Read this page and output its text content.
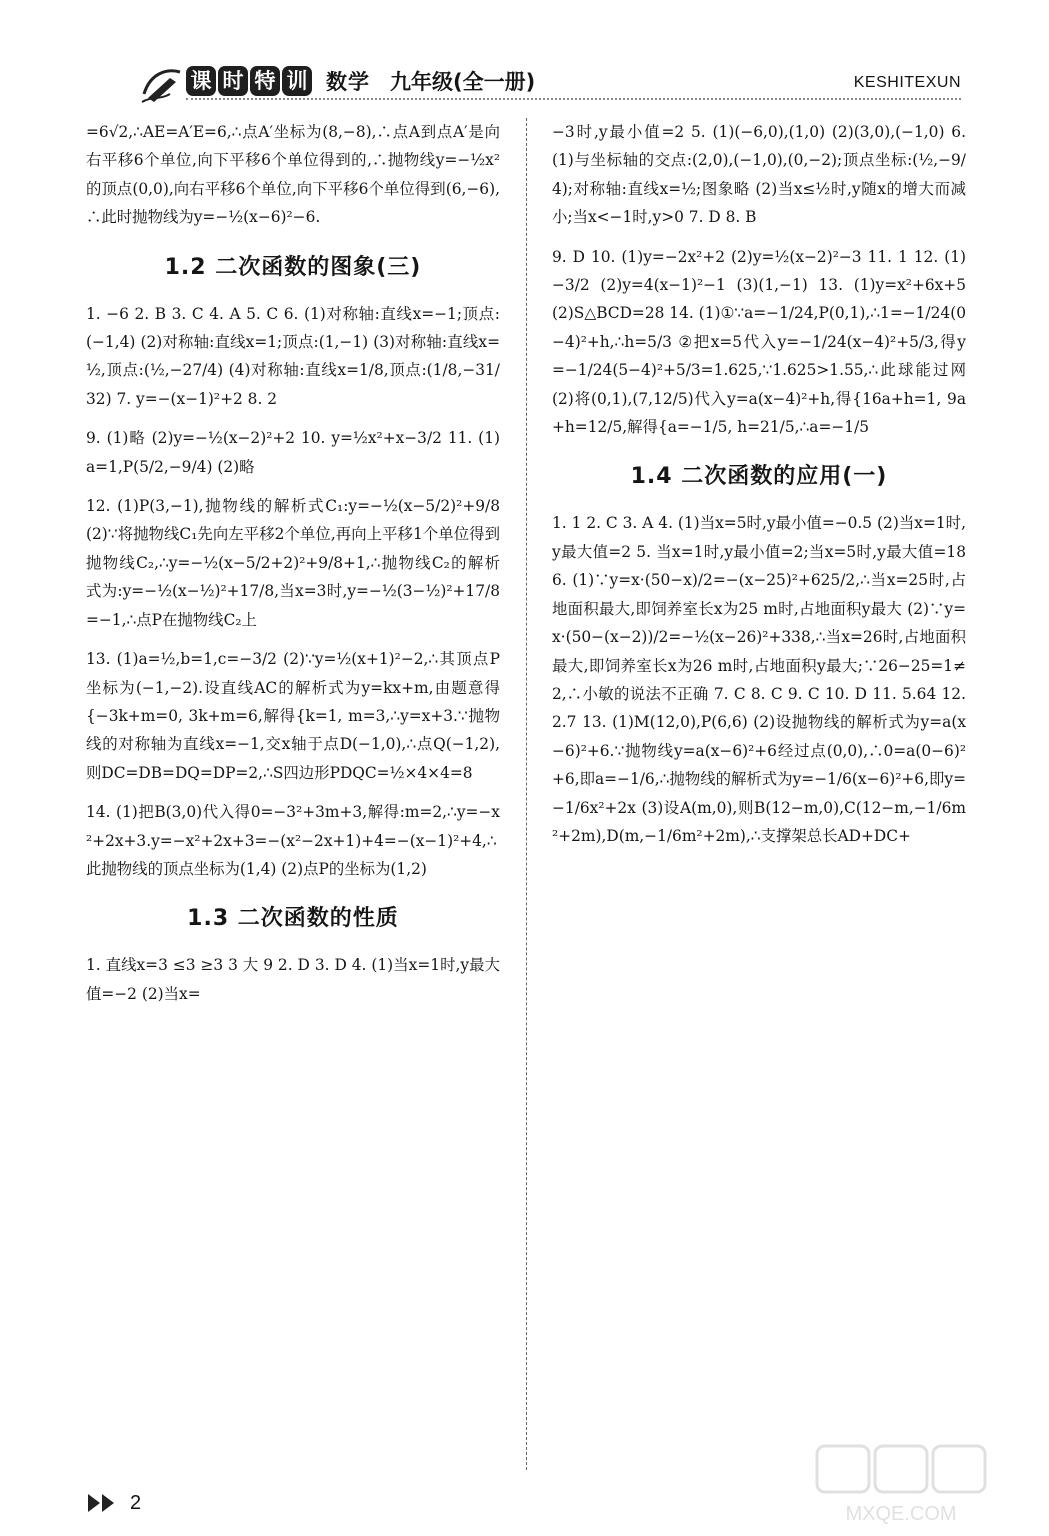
课 时 特 训 数学 九年级(全一册)	KESHITEXUN

=6√2,∴AE=A′E=6,∴点A′坐标为(8,−8),∴点A到点A′是向右平移6个单位,向下平移6个单位得到的,∴抛物线y=−½x²的顶点(0,0),向右平移6个单位,向下平移6个单位得到(6,−6),∴此时抛物线为y=−½(x−6)²−6.

1.2 二次函数的图象(三)

1. −6 2. B 3. C 4. A 5. C 6. (1)对称轴:直线x=−1;顶点:(−1,4) (2)对称轴:直线x=1;顶点:(1,−1) (3)对称轴:直线x=½,顶点:(½,−27/4) (4)对称轴:直线x=1/8,顶点:(1/8,−31/32) 7. y=−(x−1)²+2 8. 2

9. (1)略 (2)y=−½(x−2)²+2 10. y=½x²+x−3/2 11. (1)a=1,P(5/2,−9/4) (2)略

12. (1)P(3,−1),抛物线的解析式C₁:y=−½(x−5/2)²+9/8 (2)∵将抛物线C₁先向左平移2个单位,再向上平移1个单位得到抛物线C₂,∴y=−½(x−5/2+2)²+9/8+1,∴抛物线C₂的解析式为:y=−½(x−½)²+17/8,当x=3时,y=−½(3−½)²+17/8=−1,∴点P在抛物线C₂上

13. (1)a=½,b=1,c=−3/2 (2)∵y=½(x+1)²−2,∴其顶点P坐标为(−1,−2).设直线AC的解析式为y=kx+m,由题意得{−3k+m=0, 3k+m=6,解得{k=1, m=3,∴y=x+3.∵抛物线的对称轴为直线x=−1,交x轴于点D(−1,0),∴点Q(−1,2),则DC=DB=DQ=DP=2,∴S四边形PDQC=½×4×4=8

14. (1)把B(3,0)代入得0=−3²+3m+3,解得:m=2,∴y=−x²+2x+3.y=−x²+2x+3=−(x²−2x+1)+4=−(x−1)²+4,∴此抛物线的顶点坐标为(1,4) (2)点P的坐标为(1,2)

1.3 二次函数的性质

1. 直线x=3 ≤3 ≥3 3 大 9 2. D 3. D 4. (1)当x=1时,y最大值=−2 (2)当x=

−3时,y最小值=2 5. (1)(−6,0),(1,0) (2)(3,0),(−1,0) 6. (1)与坐标轴的交点:(2,0),(−1,0),(0,−2);顶点坐标:(½,−9/4);对称轴:直线x=½;图象略 (2)当x≤½时,y随x的增大而减小;当x<−1时,y>0 7. D 8. B

9. D 10. (1)y=−2x²+2 (2)y=½(x−2)²−3 11. 1 12. (1)−3/2 (2)y=4(x−1)²−1 (3)(1,−1) 13. (1)y=x²+6x+5 (2)S△BCD=28 14. (1)①∵a=−1/24,P(0,1),∴1=−1/24(0−4)²+h,∴h=5/3 ②把x=5代入y=−1/24(x−4)²+5/3,得y=−1/24(5−4)²+5/3=1.625,∵1.625>1.55,∴此球能过网 (2)将(0,1),(7,12/5)代入y=a(x−4)²+h,得{16a+h=1, 9a+h=12/5,解得{a=−1/5, h=21/5,∴a=−1/5

1.4 二次函数的应用(一)

1. 1 2. C 3. A 4. (1)当x=5时,y最小值=−0.5 (2)当x=1时,y最大值=2 5. 当x=1时,y最小值=2;当x=5时,y最大值=18 6. (1)∵y=x·(50−x)/2=−(x−25)²+625/2,∴当x=25时,占地面积最大,即饲养室长x为25 m时,占地面积y最大 (2)∵y=x·(50−(x−2))/2=−½(x−26)²+338,∴当x=26时,占地面积最大,即饲养室长x为26 m时,占地面积y最大;∵26−25=1≠2,∴小敏的说法不正确 7. C 8. C 9. C 10. D 11. 5.64 12. 2.7 13. (1)M(12,0),P(6,6) (2)设抛物线的解析式为y=a(x−6)²+6.∵抛物线y=a(x−6)²+6经过点(0,0),∴0=a(0−6)²+6,即a=−1/6,∴抛物线的解析式为y=−1/6(x−6)²+6,即y=−1/6x²+2x (3)设A(m,0),则B(12−m,0),C(12−m,−1/6m²+2m),D(m,−1/6m²+2m),∴支撑架总长AD+DC+

2	MXQE.COM
